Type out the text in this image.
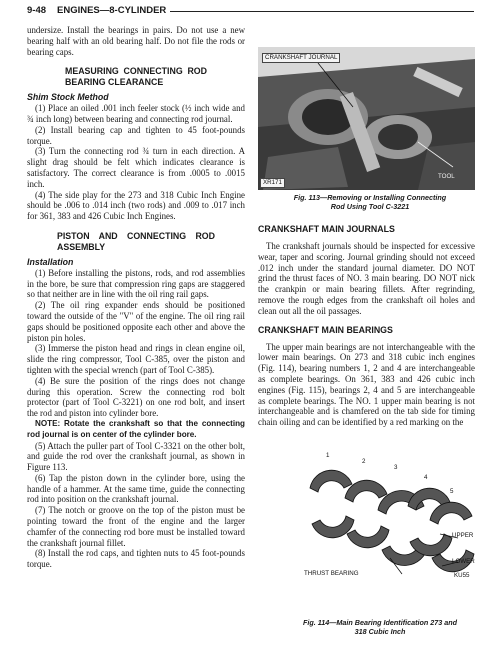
9-48 ENGINES—8-CYLINDER

undersize. Install the bearings in pairs. Do not use a new bearing half with an old bearing half. Do not file the rods or bearing caps.

MEASURING CONNECTING ROD BEARING CLEARANCE

Shim Stock Method

(1) Place an oiled .001 inch feeler stock (½ inch wide and ¾ inch long) between bearing and connecting rod journal.

(2) Install bearing cap and tighten to 45 foot-pounds torque.

(3) Turn the connecting rod ¾ turn in each direction. A slight drag should be felt which indicates clearance is satisfactory. The correct clearance is from .0005 to .0015 inch.

(4) The side play for the 273 and 318 Cubic Inch Engine should be .006 to .014 inch (two rods) and .009 to .017 inch for 361, 383 and 426 Cubic Inch Engines.

PISTON AND CONNECTING ROD ASSEMBLY

Installation

(1) Before installing the pistons, rods, and rod assemblies in the bore, be sure that compression ring gaps are staggered so that neither are in line with the oil ring rail gaps.

(2) The oil ring expander ends should be positioned toward the outside of the "V" of the engine. The oil ring rail gaps should be positioned opposite each other and above the piston pin holes.

(3) Immerse the piston head and rings in clean engine oil, slide the ring compressor, Tool C-385, over the piston and tighten with the special wrench (part of Tool C-385).

(4) Be sure the position of the rings does not change during this operation. Screw the connecting rod bolt protector (part of Tool C-3221) on one rod bolt, and insert the rod and piston into cylinder bore.

NOTE: Rotate the crankshaft so that the connecting rod journal is on center of the cylinder bore.

(5) Attach the puller part of Tool C-3321 on the other bolt, and guide the rod over the crankshaft journal, as shown in Figure 113.

(6) Tap the piston down in the cylinder bore, using the handle of a hammer. At the same time, guide the connecting rod into position on the crankshaft journal.

(7) The notch or groove on the top of the piston must be pointing toward the front of the engine and the larger chamfer of the connecting rod bore must be installed toward the crankshaft journal fillet.

(8) Install the rod caps, and tighten nuts to 45 foot-pounds torque.

CRANKSHAFT JOURNAL
TOOL
XR171
Fig. 113—Removing or Installing Connecting Rod Using Tool C-3221

CRANKSHAFT MAIN JOURNALS

The crankshaft journals should be inspected for excessive wear, taper and scoring. Journal grinding should not exceed .012 inch under the standard journal diameter. DO NOT grind the thrust faces of NO. 3 main bearing. DO NOT nick the crankpin or main bearing fillets. After regrinding, remove the rough edges from the crankshaft oil holes and clean out all the oil passages.

CRANKSHAFT MAIN BEARINGS

The upper main bearings are not interchangeable with the lower main bearings. On 273 and 318 cubic inch engines (Fig. 114), bearing numbers 1, 2 and 4 are interchangeable as complete bearings. On 361, 383 and 426 cubic inch engines (Fig. 115), bearings 2, 4 and 5 are interchangeable as complete bearings. The NO. 1 upper main bearing is not interchangeable and is chamfered on the tab side for timing chain oiling and can be identified by a red marking on the

1
2
3
4
5
UPPER
LOWER
THRUST BEARING	KU55
Fig. 114—Main Bearing Identification 273 and 318 Cubic Inch
